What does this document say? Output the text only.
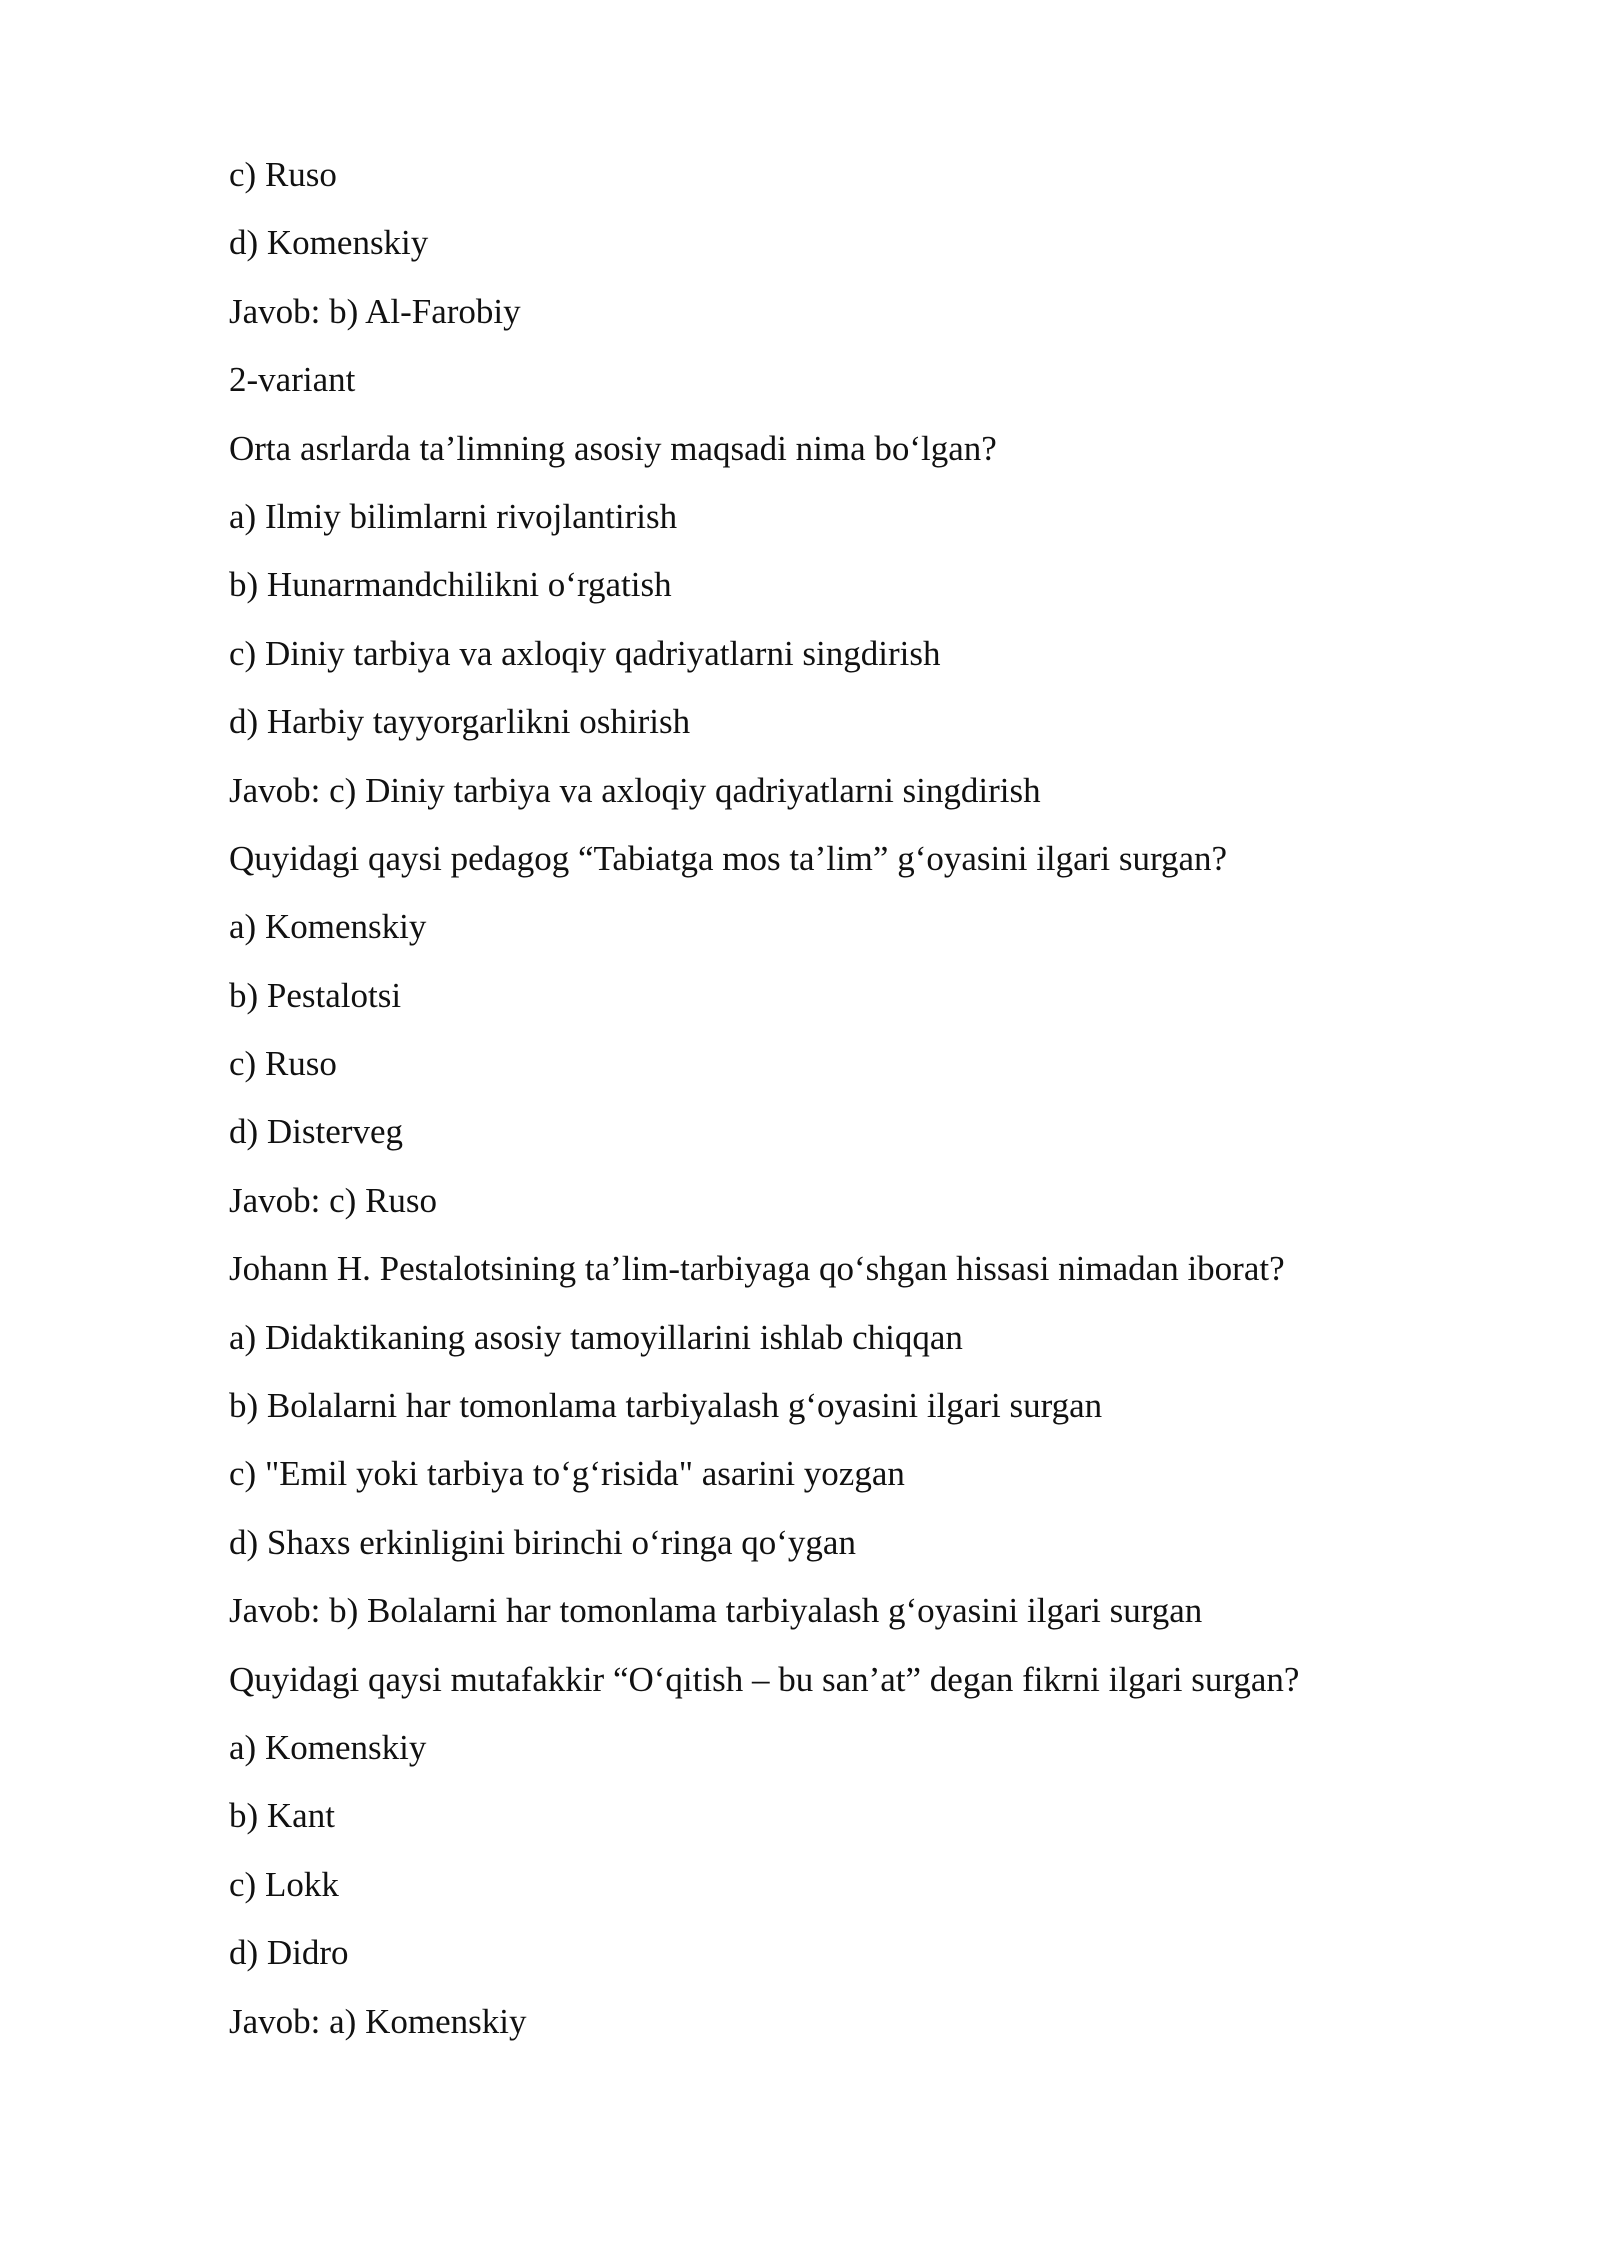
c) Ruso
d) Komenskiy
Javob: b) Al-Farobiy
2-variant
Orta asrlarda ta’limning asosiy maqsadi nima bo‘lgan?
a) Ilmiy bilimlarni rivojlantirish
b) Hunarmandchilikni o‘rgatish
c) Diniy tarbiya va axloqiy qadriyatlarni singdirish
d) Harbiy tayyorgarlikni oshirish
Javob: c) Diniy tarbiya va axloqiy qadriyatlarni singdirish
Quyidagi qaysi pedagog “Tabiatga mos ta’lim” g‘oyasini ilgari surgan?
a) Komenskiy
b) Pestalotsi
c) Ruso
d) Disterveg
Javob: c) Ruso
Johann H. Pestalotsining ta’lim-tarbiyaga qo‘shgan hissasi nimadan iborat?
a) Didaktikaning asosiy tamoyillarini ishlab chiqqan
b) Bolalarni har tomonlama tarbiyalash g‘oyasini ilgari surgan
c) "Emil yoki tarbiya to‘g‘risida" asarini yozgan
d) Shaxs erkinligini birinchi o‘ringa qo‘ygan
Javob: b) Bolalarni har tomonlama tarbiyalash g‘oyasini ilgari surgan
Quyidagi qaysi mutafakkir “O‘qitish – bu san’at” degan fikrni ilgari surgan?
a) Komenskiy
b) Kant
c) Lokk
d) Didro
Javob: a) Komenskiy
